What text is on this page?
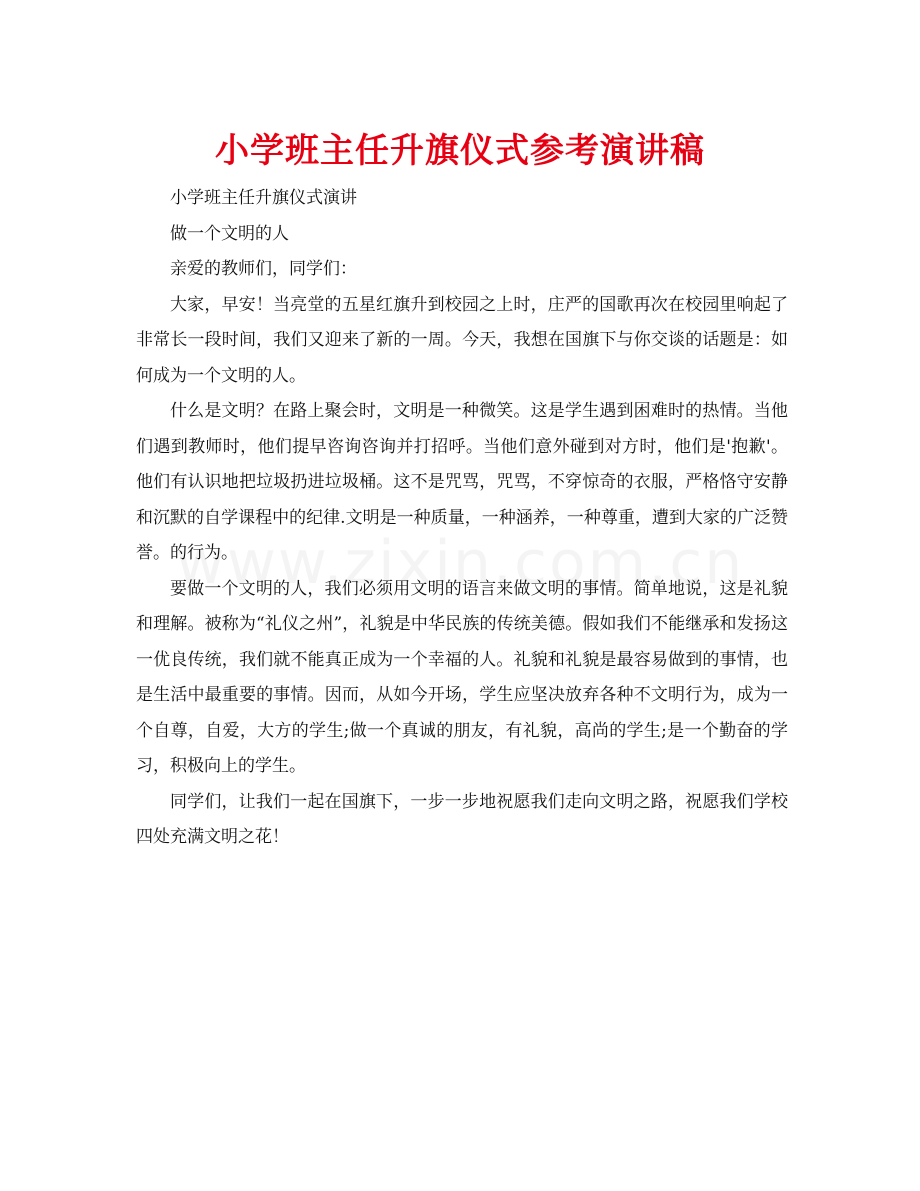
小学班主任升旗仪式参考演讲稿

小学班主任升旗仪式演讲

做一个文明的人

亲爱的教师们，同学们：

大家，早安！当亮堂的五星红旗升到校园之上时，庄严的国歌再次在校园里响起了非常长一段时间，我们又迎来了新的一周。今天，我想在国旗下与你交谈的话题是：如何成为一个文明的人。

什么是文明？在路上聚会时，文明是一种微笑。这是学生遇到困难时的热情。当他们遇到教师时，他们提早咨询咨询并打招呼。当他们意外碰到对方时，他们是'抱歉'。他们有认识地把垃圾扔进垃圾桶。这不是咒骂，咒骂，不穿惊奇的衣服，严格恪守安静和沉默的自学课程中的纪律.文明是一种质量，一种涵养，一种尊重，遭到大家的广泛赞誉。的行为。

要做一个文明的人，我们必须用文明的语言来做文明的事情。简单地说，这是礼貌和理解。被称为“礼仪之州”，礼貌是中华民族的传统美德。假如我们不能继承和发扬这一优良传统，我们就不能真正成为一个幸福的人。礼貌和礼貌是最容易做到的事情，也是生活中最重要的事情。因而，从如今开场，学生应坚决放弃各种不文明行为，成为一个自尊，自爱，大方的学生;做一个真诚的朋友，有礼貌，高尚的学生;是一个勤奋的学习，积极向上的学生。

同学们，让我们一起在国旗下，一步一步地祝愿我们走向文明之路，祝愿我们学校四处充满文明之花！
